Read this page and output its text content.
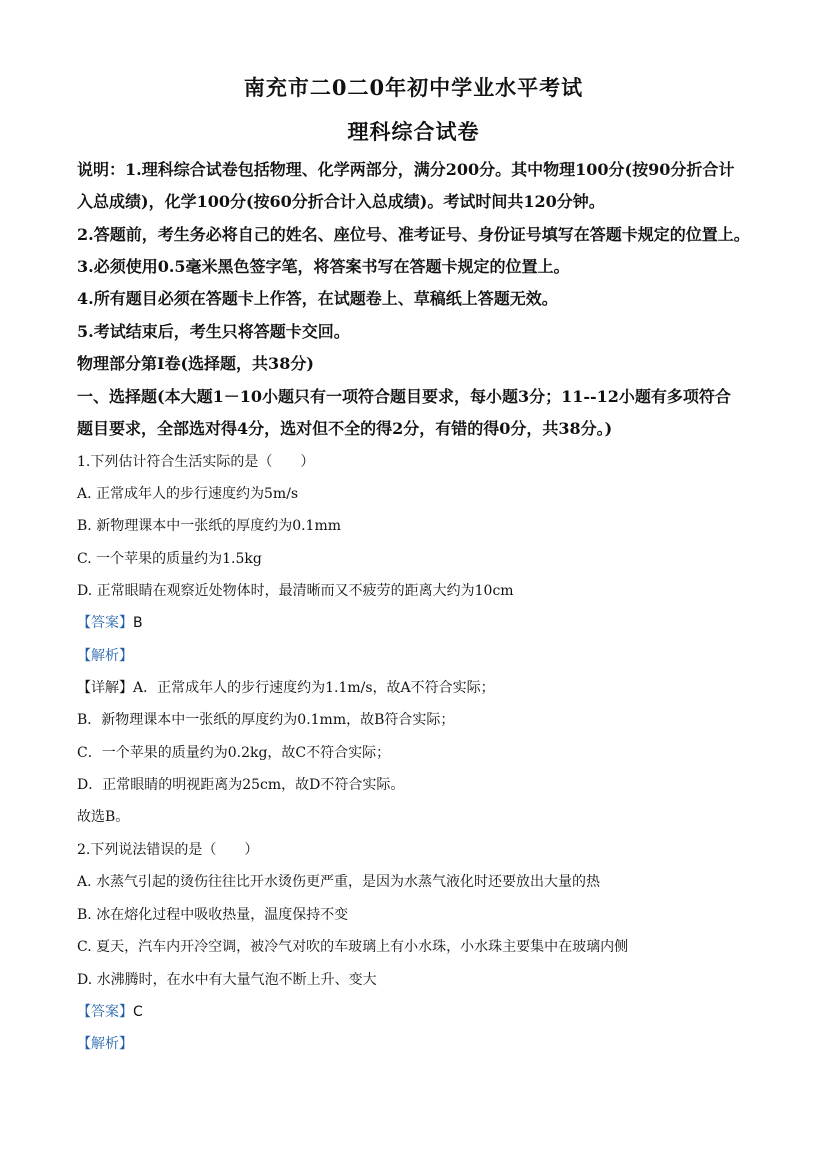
南充市二0二0年初中学业水平考试
理科综合试卷
说明：1.理科综合试卷包括物理、化学两部分，满分200分。其中物理100分(按90分折合计
入总成绩)，化学100分(按60分折合计入总成绩)。考试时间共120分钟。
2.答题前，考生务必将自己的姓名、座位号、准考证号、身份证号填写在答题卡规定的位置上。
3.必须使用0.5毫米黑色签字笔，将答案书写在答题卡规定的位置上。
4.所有题目必须在答题卡上作答，在试题卷上、草稿纸上答题无效。
5.考试结束后，考生只将答题卡交回。
物理部分第I卷(选择题，共38分)
一、选择题(本大题1－10小题只有一项符合题目要求，每小题3分；11--12小题有多项符合
题目要求，全部选对得4分，选对但不全的得2分，有错的得0分，共38分。)
1.下列估计符合生活实际的是（　　）
A. 正常成年人的步行速度约为5m/s
B. 新物理课本中一张纸的厚度约为0.1mm
C. 一个苹果的质量约为1.5kg
D. 正常眼睛在观察近处物体时，最清晰而又不疲劳的距离大约为10cm
【答案】B
【解析】
【详解】A．正常成年人的步行速度约为1.1m/s，故A不符合实际；
B．新物理课本中一张纸的厚度约为0.1mm，故B符合实际；
C．一个苹果的质量约为0.2kg，故C不符合实际；
D．正常眼睛的明视距离为25cm，故D不符合实际。
故选B。
2.下列说法错误的是（　　）
A. 水蒸气引起的烫伤往往比开水烫伤更严重，是因为水蒸气液化时还要放出大量的热
B. 冰在熔化过程中吸收热量，温度保持不变
C. 夏天，汽车内开冷空调，被冷气对吹的车玻璃上有小水珠，小水珠主要集中在玻璃内侧
D. 水沸腾时，在水中有大量气泡不断上升、变大
【答案】C
【解析】
